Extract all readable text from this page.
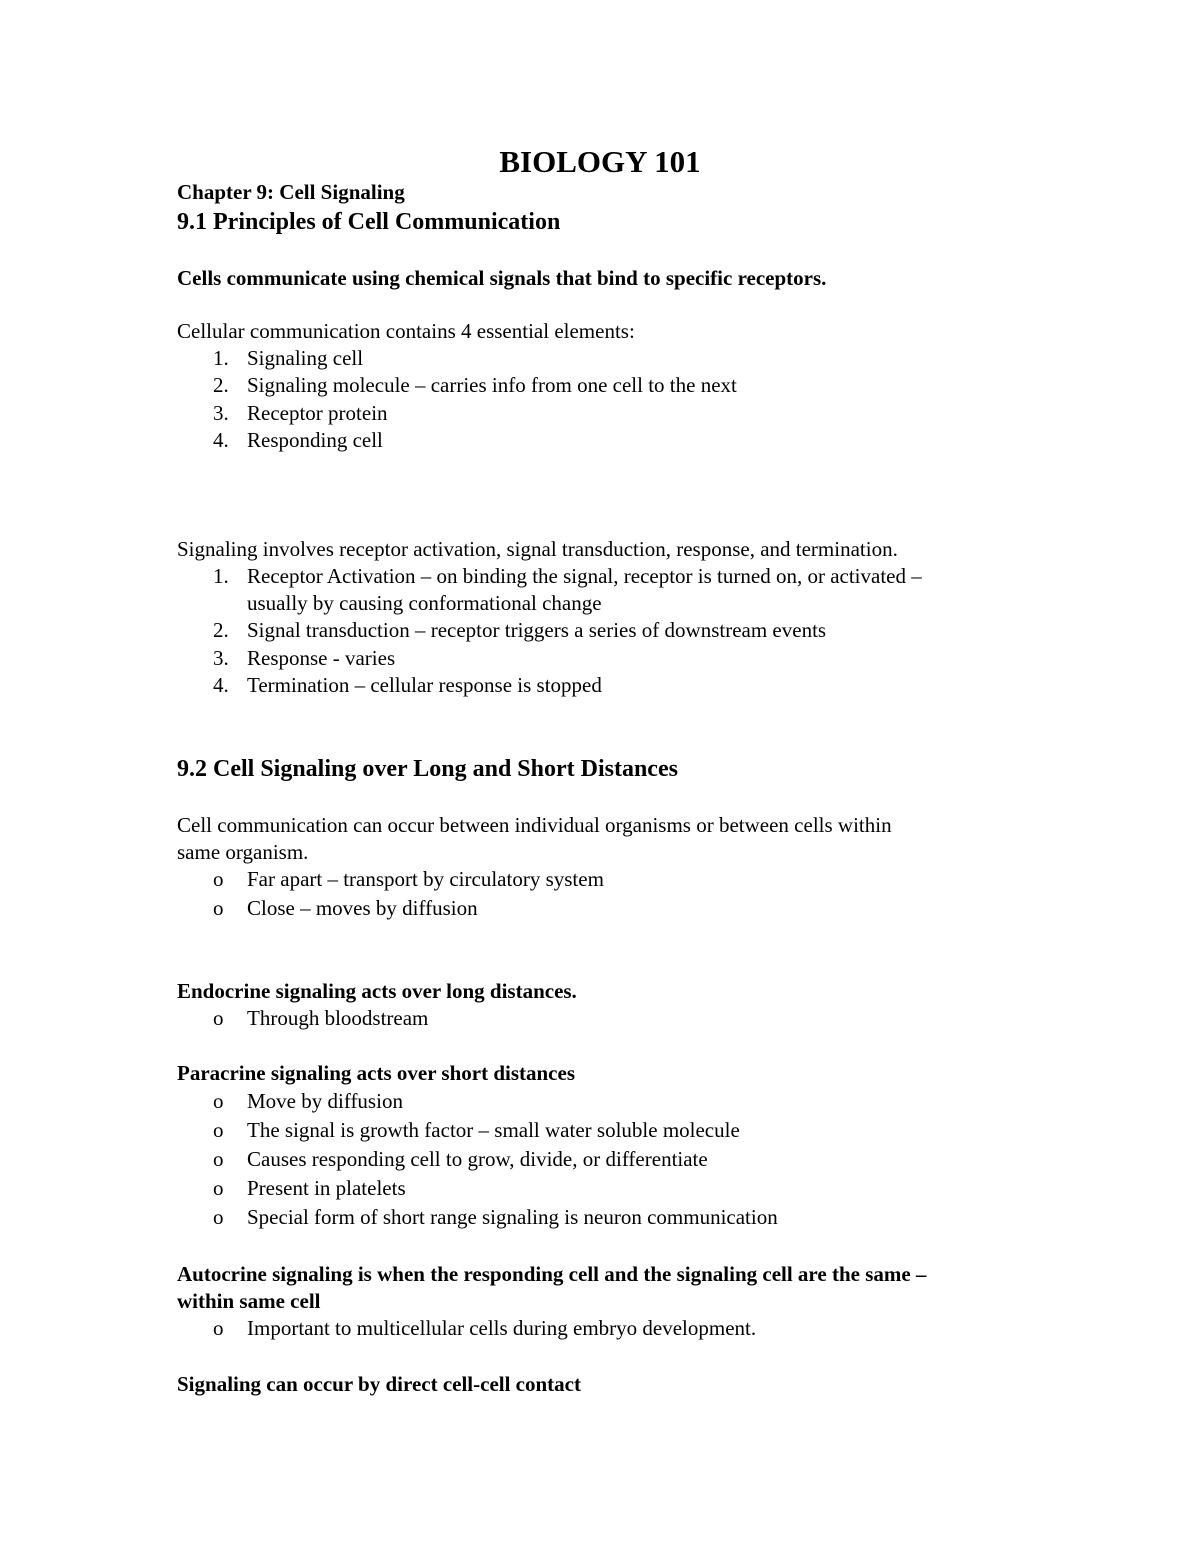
BIOLOGY 101
Chapter 9: Cell Signaling
9.1 Principles of Cell Communication
Cells communicate using chemical signals that bind to specific receptors.
Cellular communication contains 4 essential elements:
1. Signaling cell
2. Signaling molecule – carries info from one cell to the next
3. Receptor protein
4. Responding cell
Signaling involves receptor activation, signal transduction, response, and termination.
1. Receptor Activation – on binding the signal, receptor is turned on, or activated –
usually by causing conformational change
2. Signal transduction – receptor triggers a series of downstream events
3. Response - varies
4. Termination – cellular response is stopped
9.2 Cell Signaling over Long and Short Distances
Cell communication can occur between individual organisms or between cells within
same organism.
o Far apart – transport by circulatory system
o Close – moves by diffusion
Endocrine signaling acts over long distances.
o Through bloodstream
Paracrine signaling acts over short distances
o Move by diffusion
o The signal is growth factor – small water soluble molecule
o Causes responding cell to grow, divide, or differentiate
o Present in platelets
o Special form of short range signaling is neuron communication
Autocrine signaling is when the responding cell and the signaling cell are the same –
within same cell
o Important to multicellular cells during embryo development.
Signaling can occur by direct cell-cell contact
